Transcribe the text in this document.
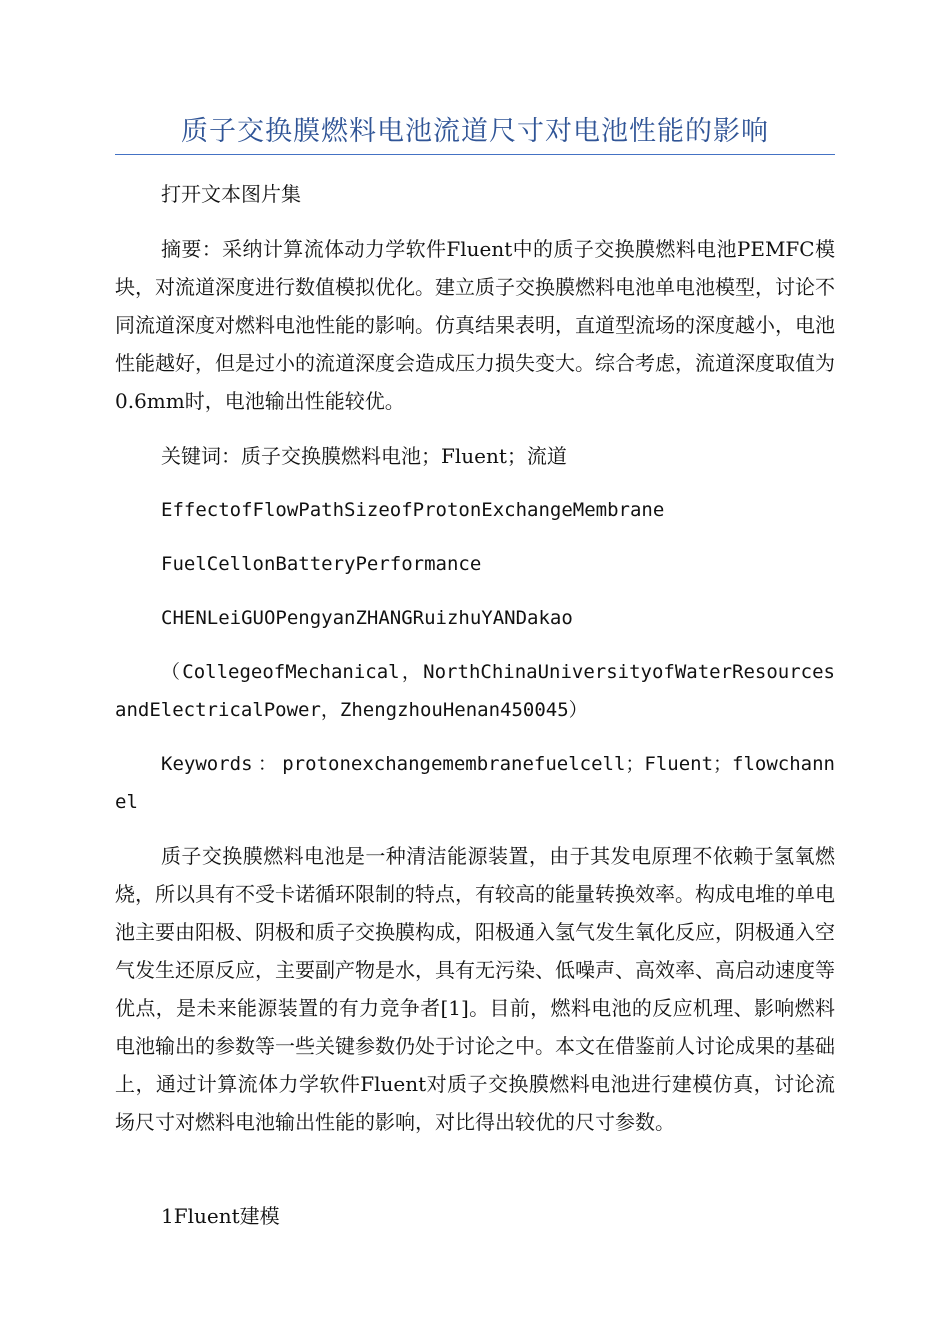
质子交换膜燃料电池流道尺寸对电池性能的影响

打开文本图片集

摘要：采纳计算流体动力学软件Fluent中的质子交换膜燃料电池PEMFC模块，对流道深度进行数值模拟优化。建立质子交换膜燃料电池单电池模型，讨论不同流道深度对燃料电池性能的影响。仿真结果表明，直道型流场的深度越小，电池性能越好，但是过小的流道深度会造成压力损失变大。综合考虑，流道深度取值为0.6mm时，电池输出性能较优。

关键词：质子交换膜燃料电池；Fluent；流道

EffectofFlowPathSizeofProtonExchangeMembrane

FuelCellonBatteryPerformance

CHENLeiGUOPengyanZHANGRuizhuYANDakao

（CollegeofMechanical，NorthChinaUniversityofWaterResourcesandElectricalPower，ZhengzhouHenan450045）

Keywords：protonexchangemembranefuelcell；Fluent；flowchannel

质子交换膜燃料电池是一种清洁能源装置，由于其发电原理不依赖于氢氧燃烧，所以具有不受卡诺循环限制的特点，有较高的能量转换效率。构成电堆的单电池主要由阳极、阴极和质子交换膜构成，阳极通入氢气发生氧化反应，阴极通入空气发生还原反应，主要副产物是水，具有无污染、低噪声、高效率、高启动速度等优点，是未来能源装置的有力竞争者[1]。目前，燃料电池的反应机理、影响燃料电池输出的参数等一些关键参数仍处于讨论之中。本文在借鉴前人讨论成果的基础上，通过计算流体力学软件Fluent对质子交换膜燃料电池进行建模仿真，讨论流场尺寸对燃料电池输出性能的影响，对比得出较优的尺寸参数。

1Fluent建模
